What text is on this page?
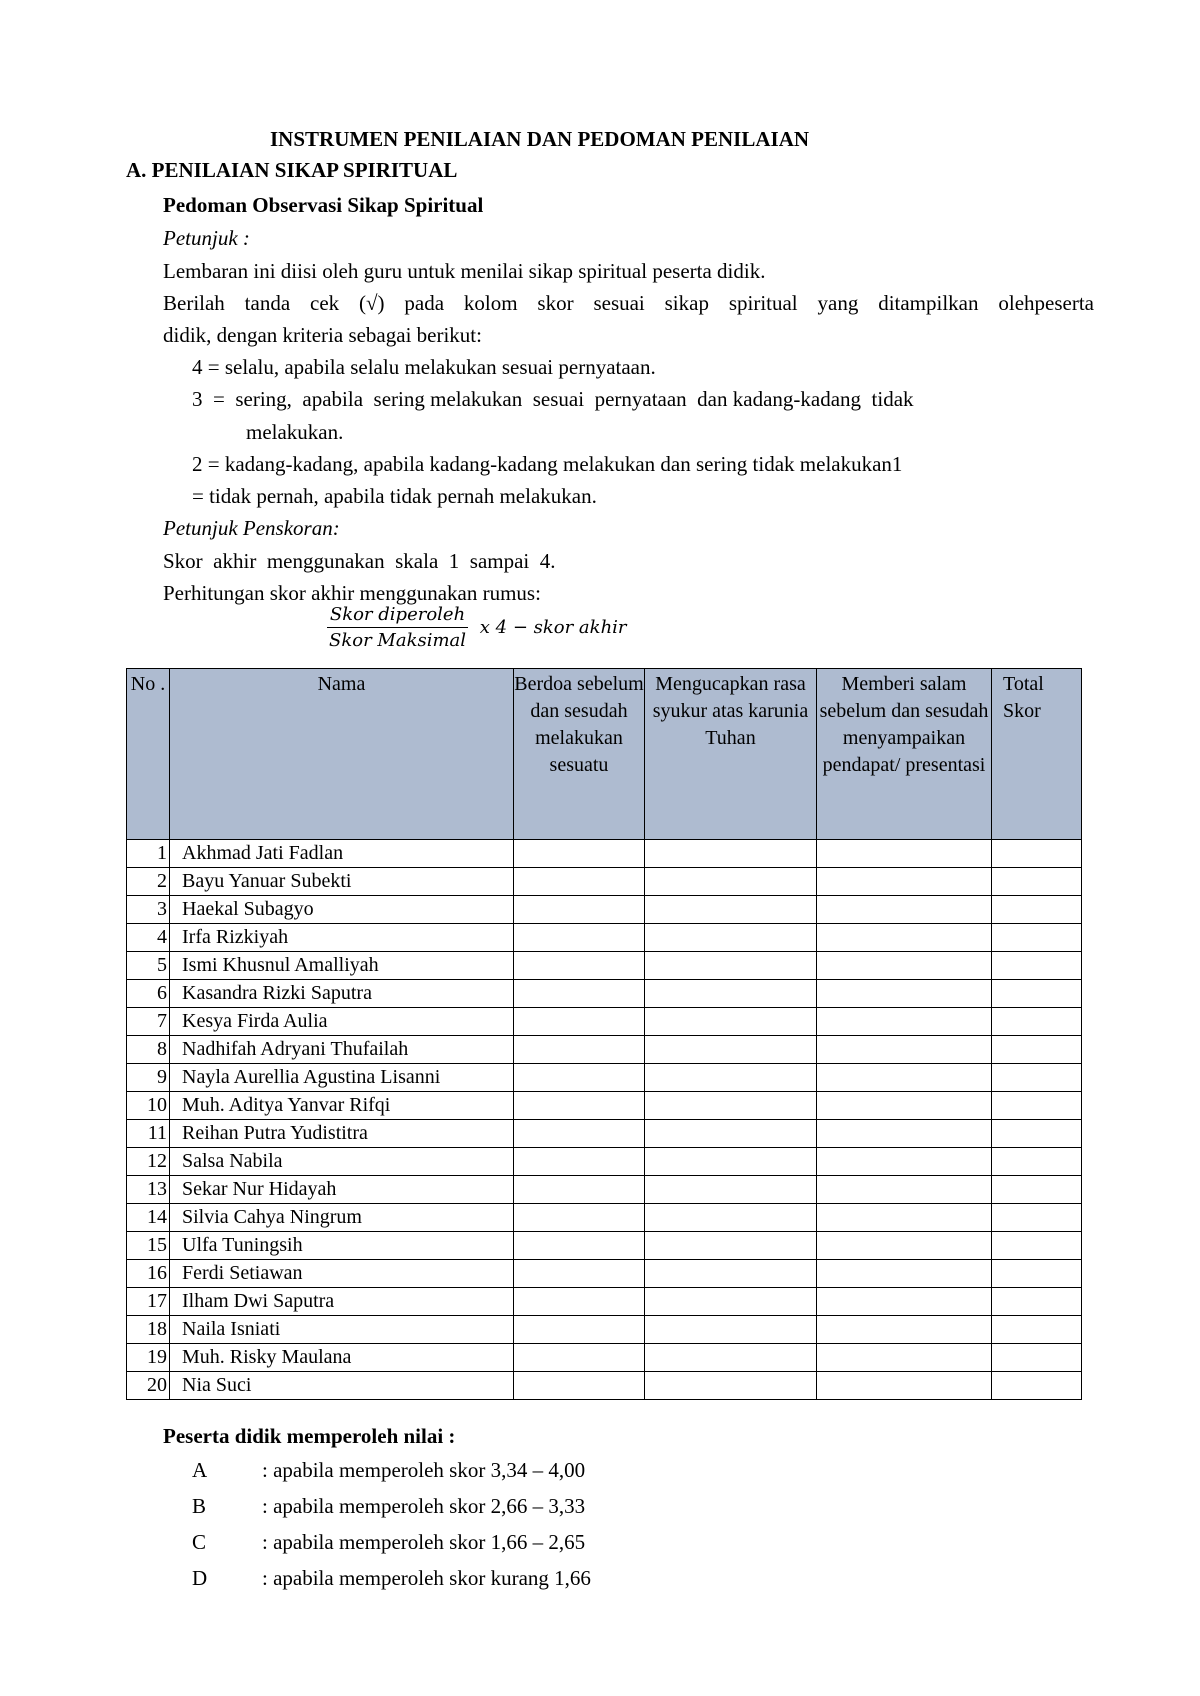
INSTRUMEN PENILAIAN DAN PEDOMAN PENILAIAN
A. PENILAIAN SIKAP SPIRITUAL
Pedoman Observasi Sikap Spiritual
Petunjuk :
Lembaran ini diisi oleh guru untuk menilai sikap spiritual peserta didik.
Berilah tanda cek (√) pada kolom skor sesuai sikap spiritual yang ditampilkan olehpeserta
didik, dengan kriteria sebagai berikut:
4 = selalu, apabila selalu melakukan sesuai pernyataan.
3  =  sering,  apabila  sering melakukan  sesuai  pernyataan  dan kadang-kadang  tidak
melakukan.
2 = kadang-kadang, apabila kadang-kadang melakukan dan sering tidak melakukan1
= tidak pernah, apabila tidak pernah melakukan.
Petunjuk Penskoran:
Skor  akhir  menggunakan  skala  1  sampai  4.
Perhitungan skor akhir menggunakan rumus:
$\frac{\text{Skor diperoleh}}{\text{Skor Maksimal}}$ x 4 − skor akhir
No .	Nama	Berdoa sebelum dan sesudah melakukan sesuatu	Mengucapkan rasa syukur atas karunia Tuhan	Memberi salam sebelum dan sesudah menyampaikan pendapat/ presentasi	Total Skor
1	Akhmad Jati Fadlan				
2	Bayu Yanuar Subekti				
3	Haekal Subagyo				
4	Irfa Rizkiyah				
5	Ismi Khusnul Amalliyah				
6	Kasandra Rizki Saputra				
7	Kesya Firda Aulia				
8	Nadhifah Adryani Thufailah				
9	Nayla Aurellia Agustina Lisanni				
10	Muh. Aditya Yanvar Rifqi				
11	Reihan Putra Yudistitra				
12	Salsa Nabila				
13	Sekar Nur Hidayah				
14	Silvia Cahya Ningrum				
15	Ulfa Tuningsih				
16	Ferdi Setiawan				
17	Ilham Dwi Saputra				
18	Naila Isniati				
19	Muh. Risky Maulana				
20	Nia Suci				
Peserta didik memperoleh nilai :
A	: apabila memperoleh skor 3,34 – 4,00
B	: apabila memperoleh skor 2,66 – 3,33
C	: apabila memperoleh skor 1,66 – 2,65
D	: apabila memperoleh skor kurang 1,66
